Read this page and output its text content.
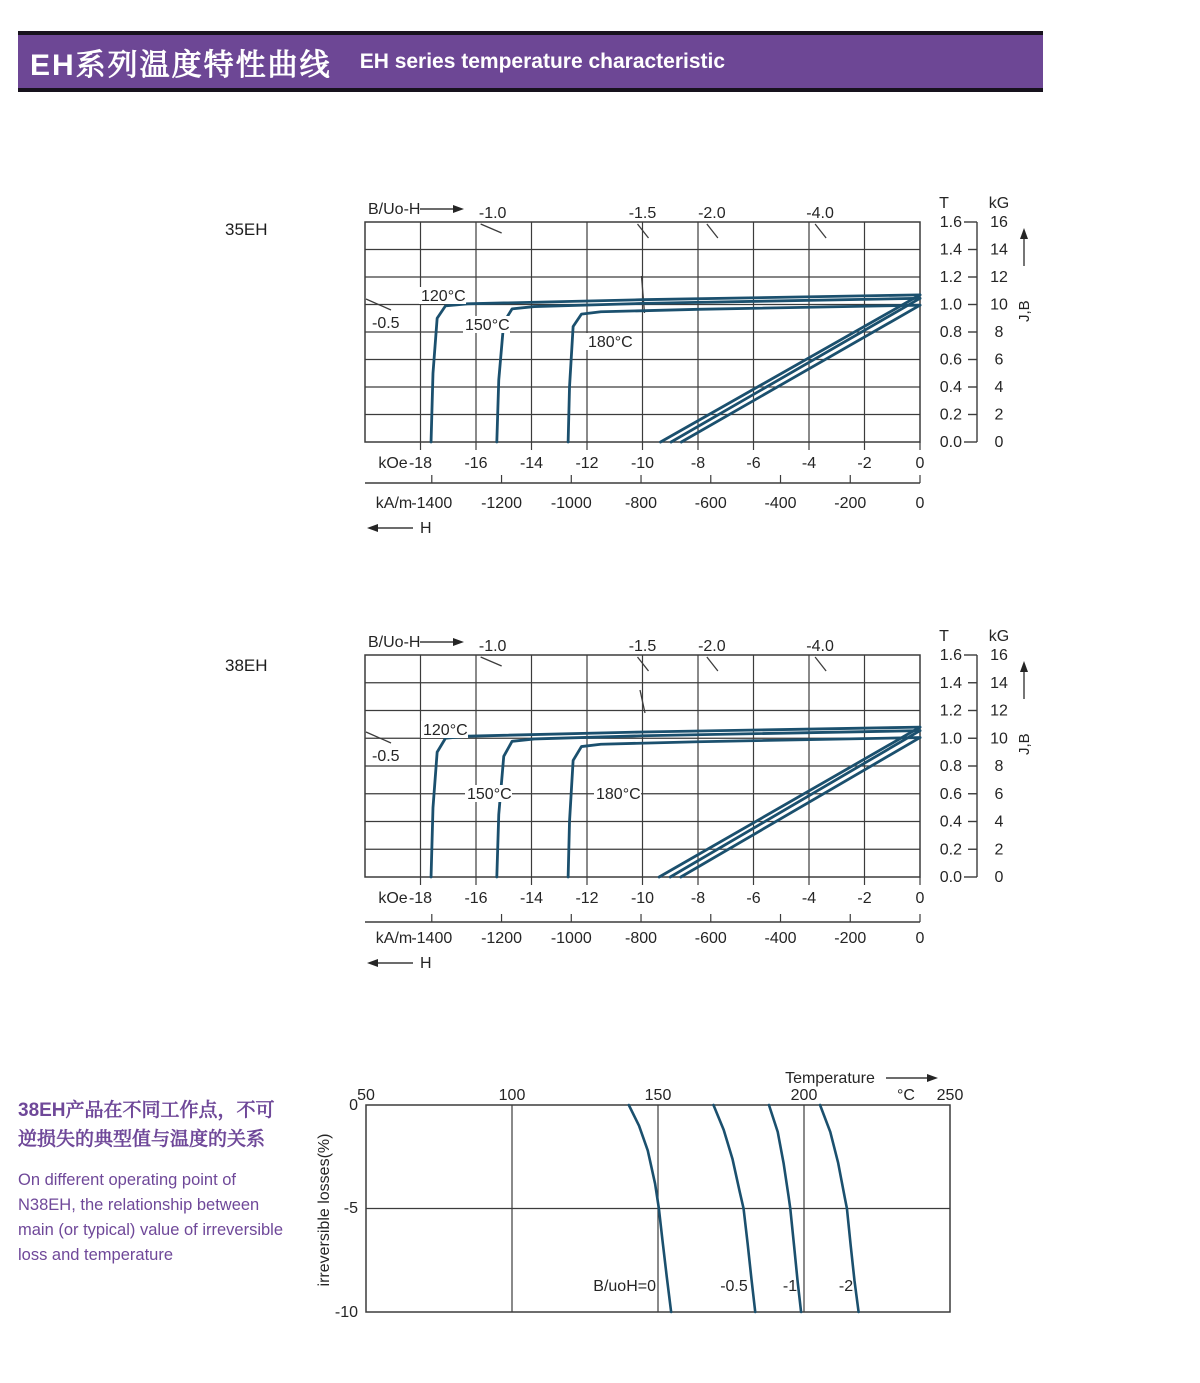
EH系列温度特性曲线 EH series temperature characteristic
35EH
38EH
38EH产品在不同工作点，不可
逆损失的典型值与温度的关系
On different operating point of
N38EH, the relationship between
main (or typical) value of irreversible
loss and temperature
B/Uo-H	-1.0	-1.5	-2.0	-4.0
-0.5
120°C
150°C
180°C
kOe -18 -16 -14 -12 -10 -8	-6	-4	-2	0
kA/m -1400 -1200 -1000 -800 -600 -400 -200	0
H
T kG
1.6 16
1.4 14
1.2 12
1.0 10
0.8 8
0.6 6
0.4 4
0.2 2
0.0 0
J,B
B/Uo-H	-1.0	-1.5	-2.0	-4.0
-0.5
120°C
150°C	180°C
kOe -18 -16 -14 -12 -10 -8	-6	-4	-2	0
kA/m -1400 -1200 -1000 -800 -600 -400 -200	0
H
T kG
1.6 16
1.4 14
1.2 12
1.0 10
0.8 8
0.6 6
0.4 4
0.2 2
0.0 0
J,B
Temperature
50	100	150	200	250
°C
0
-5
-10
irreversible losses(%)
B/uoH=0	-0.5 -1	-2
